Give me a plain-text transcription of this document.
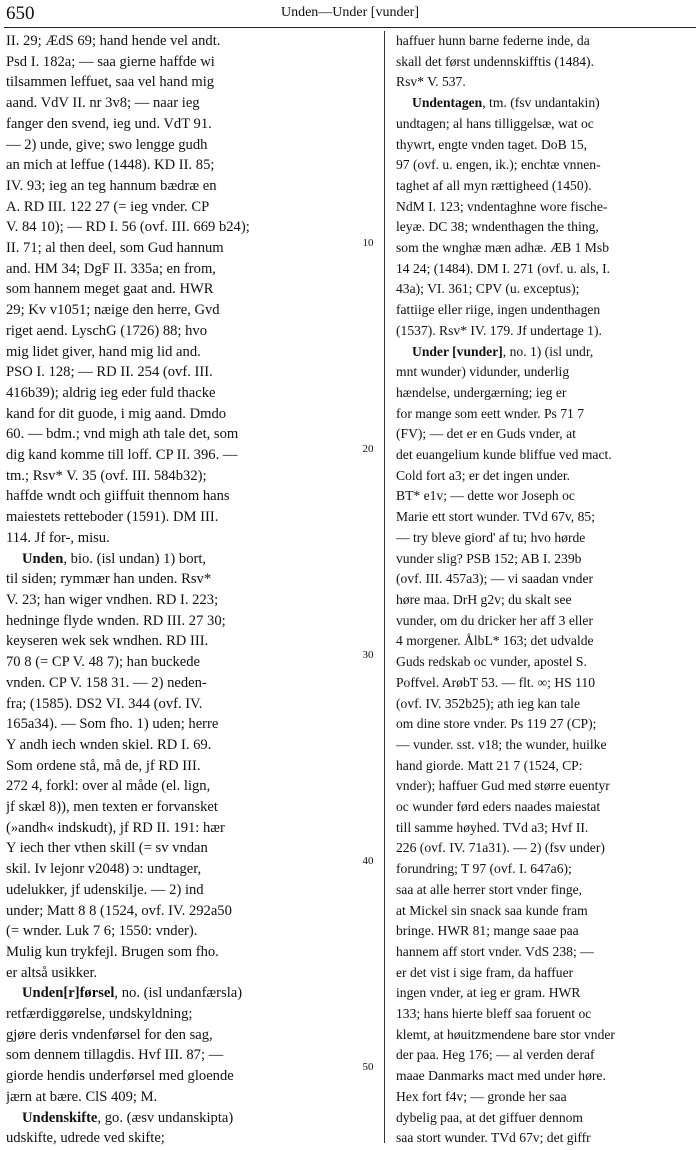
650	Unden—Under [vunder]
II. 29; ÆdS 69; hand hende vel andt.
Psd I. 182a; — saa gierne haffde wi
tilsammen leffuet, saa vel hand mig
aand. VdV II. nr 3v8; — naar ieg
fanger den svend, ieg und. VdT 91.
— 2) unde, give; swo lengge gudh
an mich at leffue (1448). KD II. 85;
IV. 93; ieg an teg hannum bædræ en
A. RD III. 122 27 (= ieg vnder. CP
V. 84 10); — RD I. 56 (ovf. III. 669 b24);
II. 71; al then deel, som Gud hannum
and. HM 34; DgF II. 335a; en from,
som hannem meget gaat and. HWR
29; Kv v1051; næige den herre, Gvd
riget aend. LyschG (1726) 88; hvo
mig lidet giver, hand mig lid and.
PSO I. 128; — RD II. 254 (ovf. III.
416b39); aldrig ieg eder fuld thacke
kand for dit guode, i mig aand. Dmdo
60. — bdm.; vnd migh ath tale det, som
dig kand komme till loff. CP II. 396. —
tm.; Rsv* V. 35 (ovf. III. 584b32);
haffde wndt och giiffuit thennom hans
maiestets retteboder (1591). DM III.
114. Jf for-, misu.
Unden, bio. (isl undan) 1) bort,
til siden; rymmær han unden. Rsv*
V. 23; han wiger vndhen. RD I. 223;
hedninge flyde wnden. RD III. 27 30;
keyseren wek sek wndhen. RD III.
70 8 (= CP V. 48 7); han buckede
vnden. CP V. 158 31. — 2) neden-
fra; (1585). DS2 VI. 344 (ovf. IV.
165a34). — Som fho. 1) uden; herre
Y andh iech wnden skiel. RD I. 69.
Som ordene stå, må de, jf RD III.
272 4, forkl: over al måde (el. lign,
jf skæl 8)), men texten er forvansket
(»andh« indskudt), jf RD II. 191: hær
Y iech ther vthen skill (= sv vndan
skil. Iv lejonr v2048) ɔ: undtager,
udelukker, jf udenskilje. — 2) ind
under; Matt 8 8 (1524, ovf. IV. 292a50
(= wnder. Luk 7 6; 1550: vnder).
Mulig kun trykfejl. Brugen som fho.
er altså usikker.
Unden[r]førsel, no. (isl undanfærsla)
retfærdiggørelse, undskyldning;
gjøre deris vndenførsel for den sag,
som dennem tillagdis. Hvf III. 87; —
giorde hendis underførsel med gloende
jærn at bære. ClS 409; M.
Undenskifte, go. (æsv undanskipta)
udskifte, udrede ved skifte;
haffuer hunn barne federne inde, da
skall det først undennskifftis (1484).
Rsv* V. 537.
Undentagen, tm. (fsv undantakin)
undtagen; al hans tilliggelsæ, wat oc
thywrt, engte vnden taget. DoB 15,
97 (ovf. u. engen, ik.); enchtæ vnnen-
taghet af all myn rættigheed (1450).
NdM I. 123; vndentaghne wore fische-
leyæ. DC 38; wndenthagen the thing,
som the wnghæ mæn adhæ. ÆB 1 Msb
14 24; (1484). DM I. 271 (ovf. u. als, I.
43a); VI. 361; CPV (u. exceptus);
fattiige eller riige, ingen undenthagen
(1537). Rsv* IV. 179. Jf undertage 1).
Under [vunder], no. 1) (isl undr,
mnt wunder) vidunder, underlig
hændelse, undergærning; ieg er
for mange som eett wnder. Ps 71 7
(FV); — det er en Guds vnder, at
det euangelium kunde bliffue ved mact.
Cold fort a3; er det ingen under.
BT* e1v; — dette wor Joseph oc
Marie ett stort wunder. TVd 67v, 85;
— try bleve giord' af tu; hvo hørde
vunder slig? PSB 152; AB I. 239b
(ovf. III. 457a3); — vi saadan vnder
høre maa. DrH g2v; du skalt see
vunder, om du dricker her aff 3 eller
4 morgener. ÅlbL* 163; det udvalde
Guds redskab oc vunder, apostel S.
Poffvel. ArøbT 53. — flt. ∞; HS 110
(ovf. IV. 352b25); ath ieg kan tale
om dine store vnder. Ps 119 27 (CP);
— vunder. sst. v18; the wunder, huilke
hand giorde. Matt 21 7 (1524, CP:
vnder); haffuer Gud med større euentyr
oc wunder førd eders naades maiestat
till samme høyhed. TVd a3; Hvf II.
226 (ovf. IV. 71a31). — 2) (fsv under)
forundring; T 97 (ovf. I. 647a6);
saa at alle herrer stort vnder finge,
at Mickel sin snack saa kunde fram
bringe. HWR 81; mange saae paa
hannem aff stort vnder. VdS 238; —
er det vist i sige fram, da haffuer
ingen vnder, at ieg er gram. HWR
133; hans hierte bleff saa foruent oc
klemt, at høuitzmendene bare stor vnder
der paa. Heg 176; — al verden deraf
maae Danmarks mact med under høre.
Hex fort f4v; — gronde her saa
dybelig paa, at det giffuer dennom
saa stort wunder. TVd 67v; det giffr
10
20
30
40
50
